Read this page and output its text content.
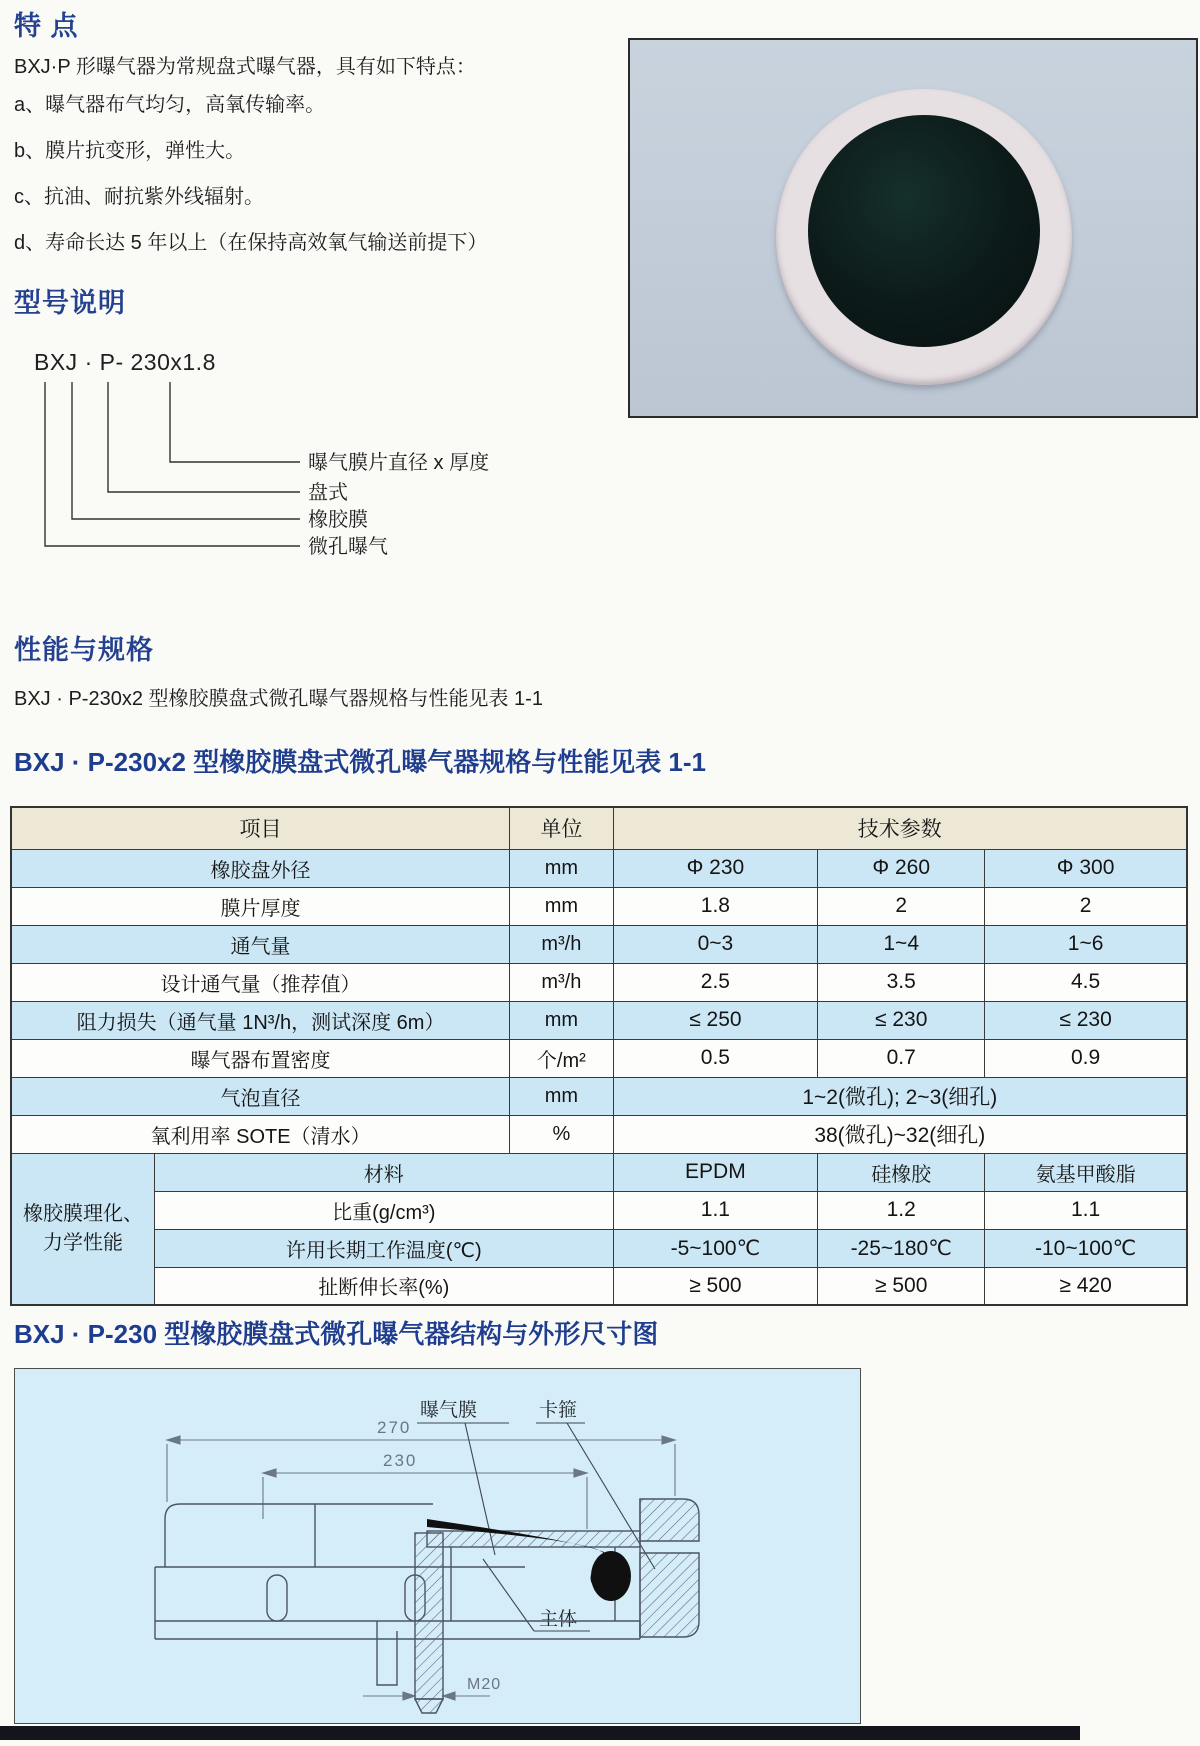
特 点
BXJ·P 形曝气器为常规盘式曝气器，具有如下特点：
a、曝气器布气均匀，高氧传输率。
b、膜片抗变形，弹性大。
c、抗油、耐抗紫外线辐射。
d、寿命长达 5 年以上（在保持高效氧气输送前提下）
型号说明
BXJ · P- 230x1.8
曝气膜片直径 x 厚度
盘式
橡胶膜
微孔曝气
性能与规格
BXJ · P-230x2 型橡胶膜盘式微孔曝气器规格与性能见表 1-1
BXJ · P-230x2 型橡胶膜盘式微孔曝气器规格与性能见表 1-1
项目		单位	技术参数		
橡胶盘外径		mm	Φ 230	Φ 260	Φ 300
膜片厚度		mm	1.8	2	2
通气量		m³/h	0~3	1~4	1~6
设计通气量（推荐值）		m³/h	2.5	3.5	4.5
阻力损失（通气量 1N³/h，测试深度 6m）		mm	≤ 250	≤ 230	≤ 230
曝气器布置密度		个/m²	0.5	0.7	0.9
气泡直径		mm	1~2(微孔); 2~3(细孔)		
氧利用率 SOTE（清水）		%	38(微孔)~32(细孔)		
橡胶膜理化、力学性能	材料		EPDM	硅橡胶	氨基甲酸脂
	比重(g/cm³)		1.1	1.2	1.1
	许用长期工作温度(℃)		-5~100℃	-25~180℃	-10~100℃
	扯断伸长率(%)		≥ 500	≥ 500	≥ 420
BXJ · P-230 型橡胶膜盘式微孔曝气器结构与外形尺寸图
270
230
M20
曝气膜	卡箍
主体
